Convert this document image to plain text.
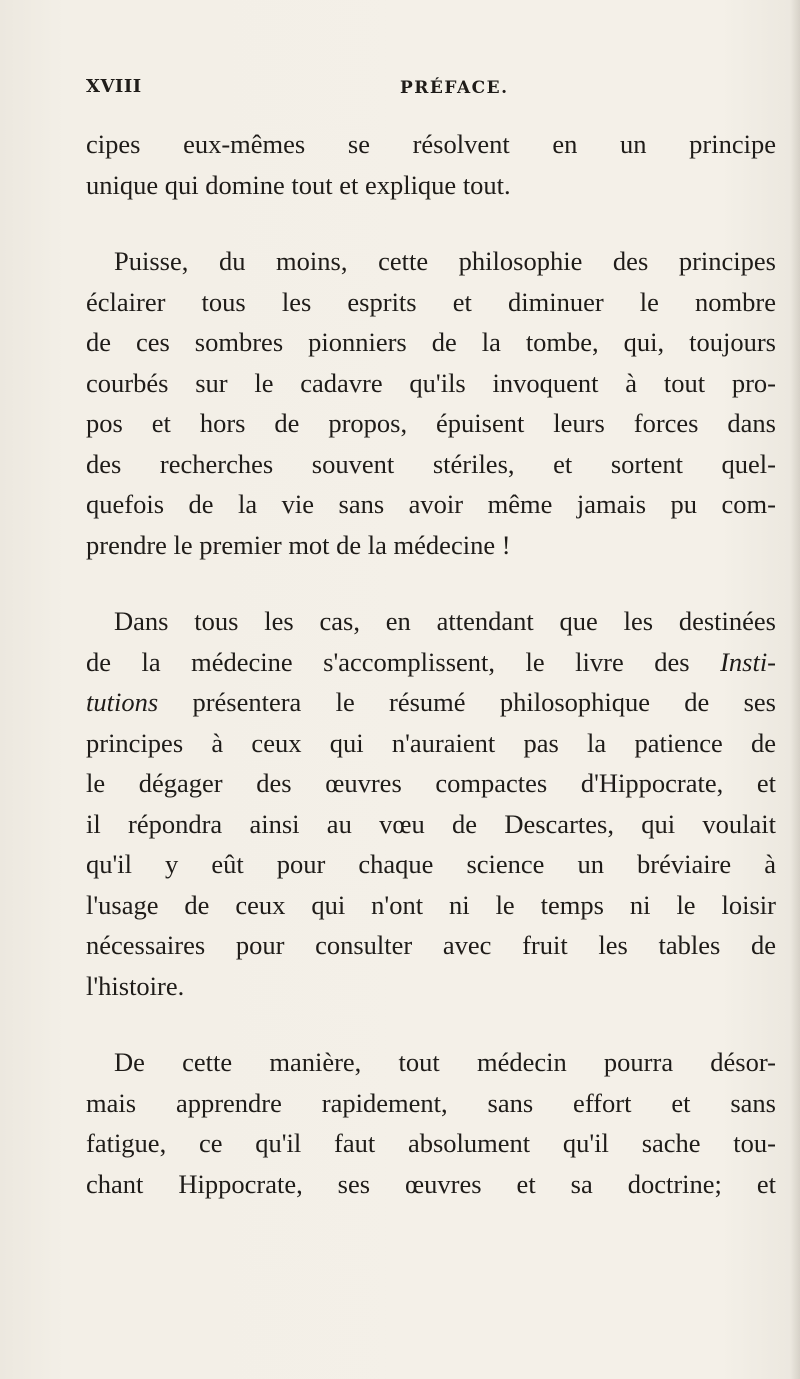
XVIII	PRÉFACE.
cipes eux-mêmes se résolvent en un principe
unique qui domine tout et explique tout.
Puisse, du moins, cette philosophie des principes
éclairer tous les esprits et diminuer le nombre
de ces sombres pionniers de la tombe, qui, toujours
courbés sur le cadavre qu'ils invoquent à tout pro-
pos et hors de propos, épuisent leurs forces dans
des recherches souvent stériles, et sortent quel-
quefois de la vie sans avoir même jamais pu com-
prendre le premier mot de la médecine !
Dans tous les cas, en attendant que les destinées
de la médecine s'accomplissent, le livre des Insti-
tutions présentera le résumé philosophique de ses
principes à ceux qui n'auraient pas la patience de
le dégager des œuvres compactes d'Hippocrate, et
il répondra ainsi au vœu de Descartes, qui voulait
qu'il y eût pour chaque science un bréviaire à
l'usage de ceux qui n'ont ni le temps ni le loisir
nécessaires pour consulter avec fruit les tables de
l'histoire.
De cette manière, tout médecin pourra désor-
mais apprendre rapidement, sans effort et sans
fatigue, ce qu'il faut absolument qu'il sache tou-
chant Hippocrate, ses œuvres et sa doctrine; et
